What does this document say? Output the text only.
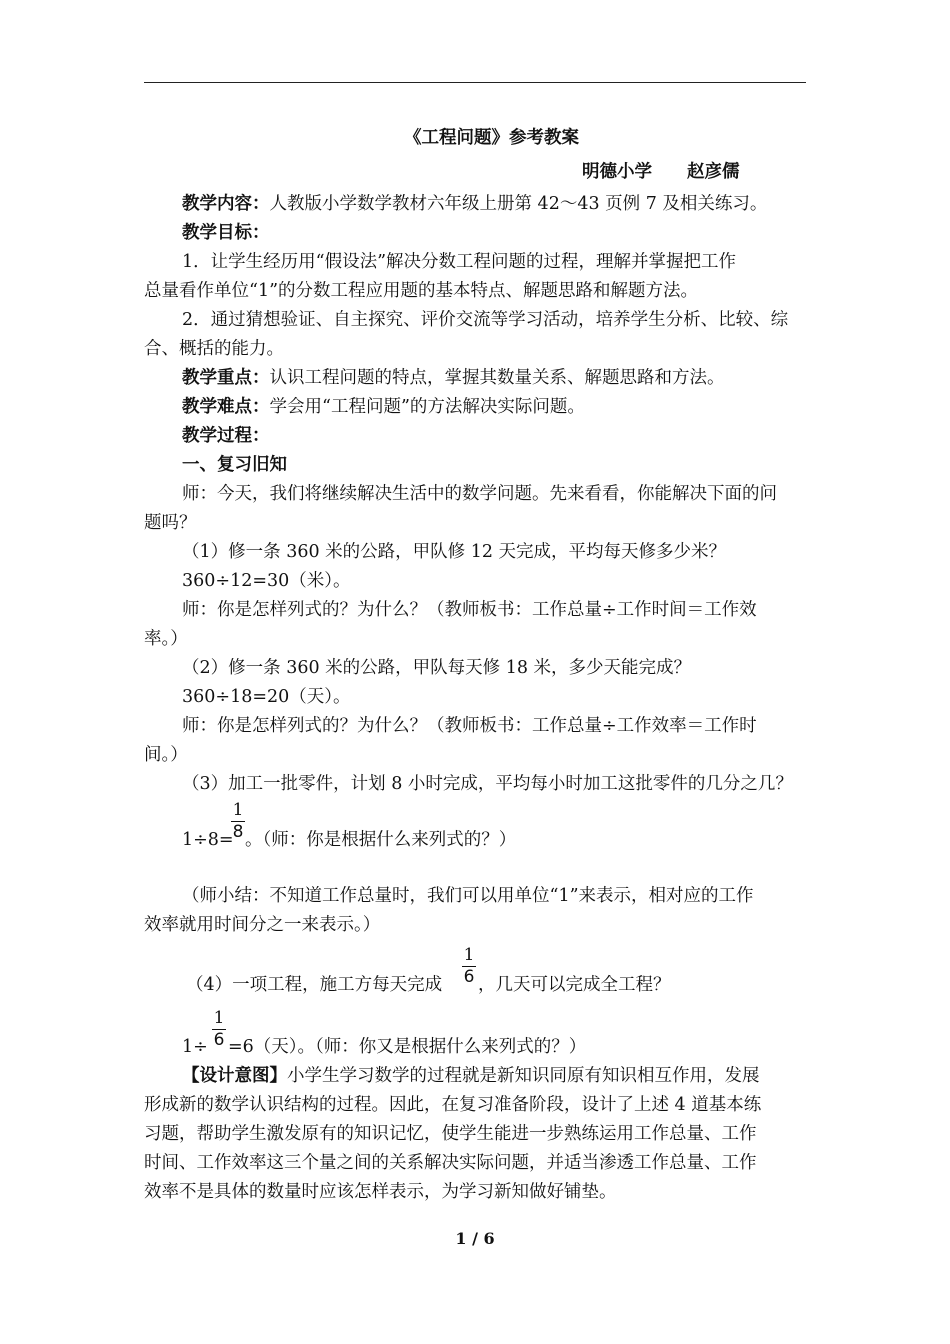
《工程问题》参考教案
明德小学　　赵彦儒
教学内容：人教版小学数学教材六年级上册第 42～43 页例 7 及相关练习。
教学目标：
1．让学生经历用“假设法”解决分数工程问题的过程，理解并掌握把工作
总量看作单位“1”的分数工程应用题的基本特点、解题思路和解题方法。
2．通过猜想验证、自主探究、评价交流等学习活动，培养学生分析、比较、综
合、概括的能力。
教学重点：认识工程问题的特点，掌握其数量关系、解题思路和方法。
教学难点：学会用“工程问题”的方法解决实际问题。
教学过程：
一、复习旧知
师：今天，我们将继续解决生活中的数学问题。先来看看，你能解决下面的问
题吗？
（1）修一条 360 米的公路，甲队修 12 天完成，平均每天修多少米？
360÷12=30（米）。
师：你是怎样列式的？为什么？（教师板书：工作总量÷工作时间＝工作效
率。）
（2）修一条 360 米的公路，甲队每天修 18 米，多少天能完成？
360÷18=20（天）。
师：你是怎样列式的？为什么？（教师板书：工作总量÷工作效率＝工作时
间。）
（3）加工一批零件，计划 8 小时完成，平均每小时加工这批零件的几分之几？
1
8
1÷8= 。（师：你是根据什么来列式的？）
（师小结：不知道工作总量时，我们可以用单位“1”来表示，相对应的工作
效率就用时间分之一来表示。）
1
6
（4）一项工程，施工方每天完成	，几天可以完成全工程？
1
6
1÷	=6（天）。（师：你又是根据什么来列式的？）
【设计意图】小学生学习数学的过程就是新知识同原有知识相互作用，发展
形成新的数学认识结构的过程。因此，在复习准备阶段，设计了上述 4 道基本练
习题，帮助学生激发原有的知识记忆，使学生能进一步熟练运用工作总量、工作
时间、工作效率这三个量之间的关系解决实际问题，并适当渗透工作总量、工作
效率不是具体的数量时应该怎样表示，为学习新知做好铺垫。
1 / 6
